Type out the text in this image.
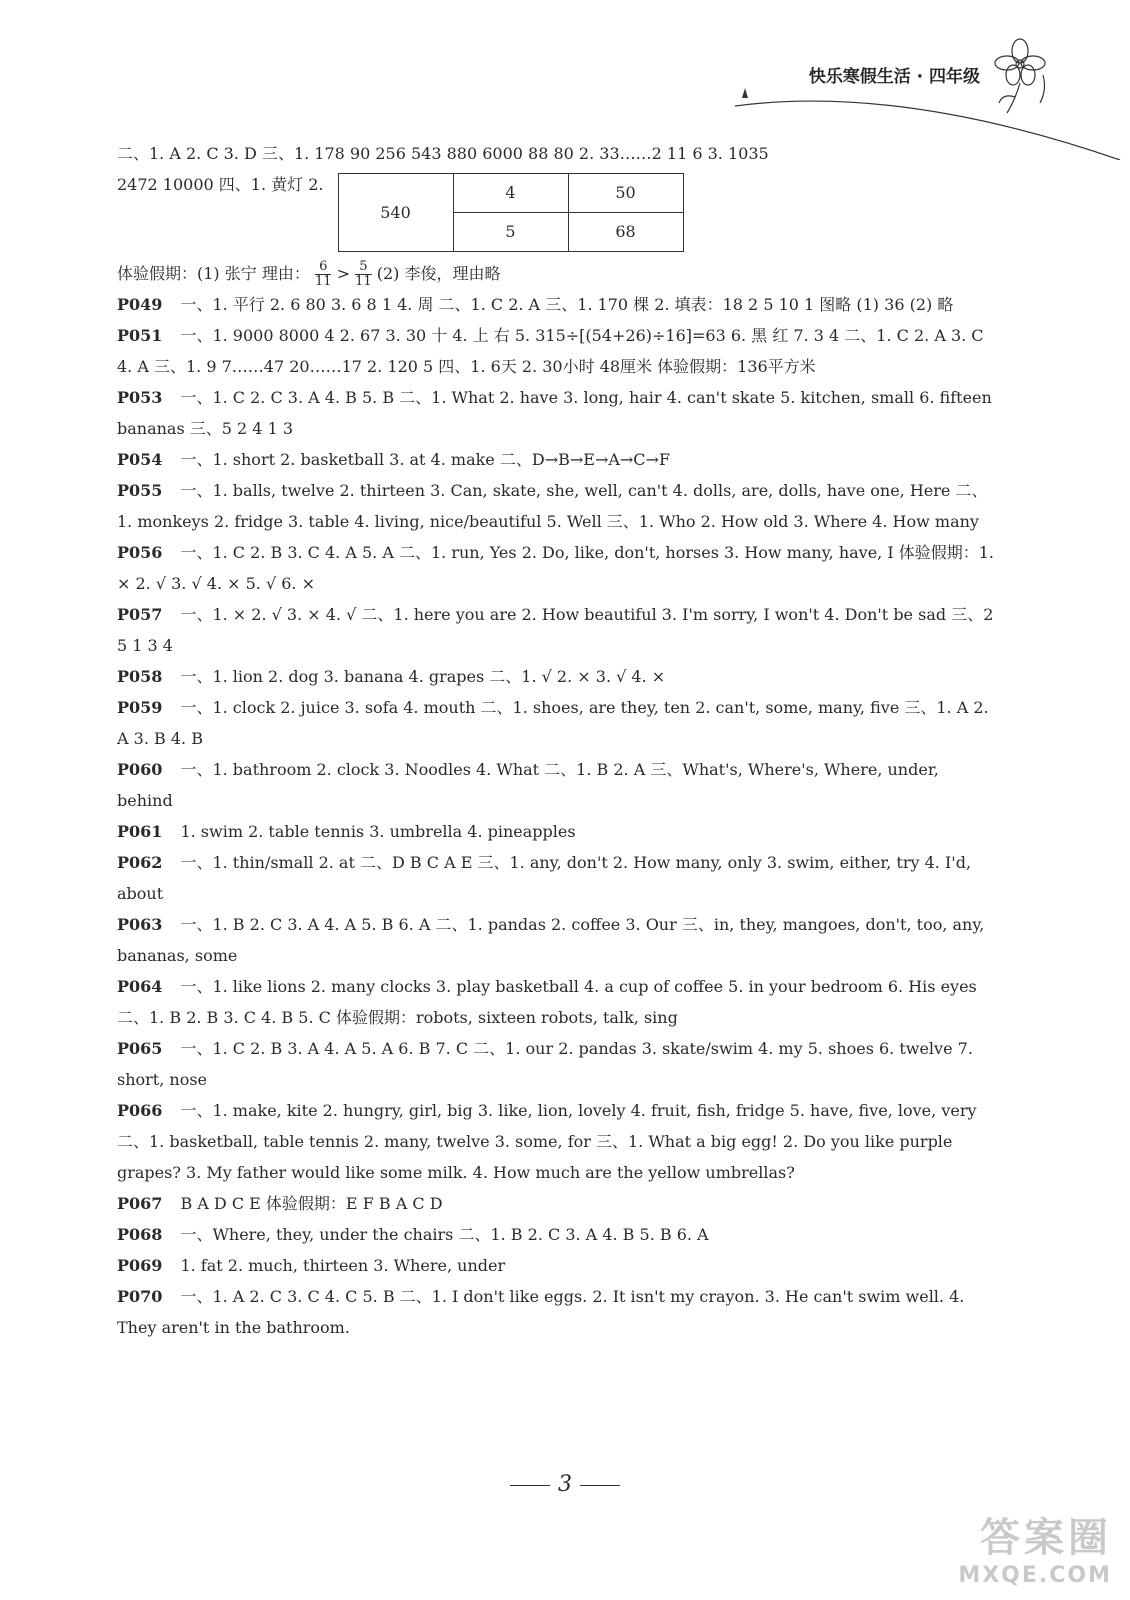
快乐寒假生活 · 四年级
二、1. A 2. C 3. D 三、1. 178 90 256 543 880 6000 88 80 2. 33……2 11 6 3. 1035
2472 10000 四、1. 黄灯 2.
540	4	50
	5	68
体验假期：(1) 张宁 理由： $\frac{6}{11} > \frac{5}{11} (2)$ 李俊，理由略
P049 一、1. 平行 2. 6 80 3. 6 8 1 4. 周 二、1. C 2. A 三、1. 170 棵 2. 填表：18 2 5 10 1 图略 (1) 36 (2) 略
P051 一、1. 9000 8000 4 2. 67 3. 30 十 4. 上 右 5. 315÷[(54+26)÷16]=63 6. 黑 红 7. 3 4 二、1. C 2. A 3. C 4. A 三、1. 9 7……47 20……17 2. 120 5 四、1. 6天 2. 30小时 48厘米 体验假期：136平方米
P053 一、1. C 2. C 3. A 4. B 5. B 二、1. What 2. have 3. long, hair 4. can't skate 5. kitchen, small 6. fifteen bananas 三、5 2 4 1 3
P054 一、1. short 2. basketball 3. at 4. make 二、D→B→E→A→C→F
P055 一、1. balls, twelve 2. thirteen 3. Can, skate, she, well, can't 4. dolls, are, dolls, have one, Here 二、1. monkeys 2. fridge 3. table 4. living, nice/beautiful 5. Well 三、1. Who 2. How old 3. Where 4. How many
P056 一、1. C 2. B 3. C 4. A 5. A 二、1. run, Yes 2. Do, like, don't, horses 3. How many, have, I 体验假期：1. × 2. √ 3. √ 4. × 5. √ 6. ×
P057 一、1. × 2. √ 3. × 4. √ 二、1. here you are 2. How beautiful 3. I'm sorry, I won't 4. Don't be sad 三、2 5 1 3 4
P058 一、1. lion 2. dog 3. banana 4. grapes 二、1. √ 2. × 3. √ 4. ×
P059 一、1. clock 2. juice 3. sofa 4. mouth 二、1. shoes, are they, ten 2. can't, some, many, five 三、1. A 2. A 3. B 4. B
P060 一、1. bathroom 2. clock 3. Noodles 4. What 二、1. B 2. A 三、What's, Where's, Where, under, behind
P061 1. swim 2. table tennis 3. umbrella 4. pineapples
P062 一、1. thin/small 2. at 二、D B C A E 三、1. any, don't 2. How many, only 3. swim, either, try 4. I'd, about
P063 一、1. B 2. C 3. A 4. A 5. B 6. A 二、1. pandas 2. coffee 3. Our 三、in, they, mangoes, don't, too, any, bananas, some
P064 一、1. like lions 2. many clocks 3. play basketball 4. a cup of coffee 5. in your bedroom 6. His eyes 二、1. B 2. B 3. C 4. B 5. C 体验假期：robots, sixteen robots, talk, sing
P065 一、1. C 2. B 3. A 4. A 5. A 6. B 7. C 二、1. our 2. pandas 3. skate/swim 4. my 5. shoes 6. twelve 7. short, nose
P066 一、1. make, kite 2. hungry, girl, big 3. like, lion, lovely 4. fruit, fish, fridge 5. have, five, love, very 二、1. basketball, table tennis 2. many, twelve 3. some, for 三、1. What a big egg! 2. Do you like purple grapes? 3. My father would like some milk. 4. How much are the yellow umbrellas?
P067 B A D C E 体验假期：E F B A C D
P068 一、Where, they, under the chairs 二、1. B 2. C 3. A 4. B 5. B 6. A
P069 1. fat 2. much, thirteen 3. Where, under
P070 一、1. A 2. C 3. C 4. C 5. B 二、1. I don't like eggs. 2. It isn't my crayon. 3. He can't swim well. 4. They aren't in the bathroom.
3
答案圈
MXQE.COM
